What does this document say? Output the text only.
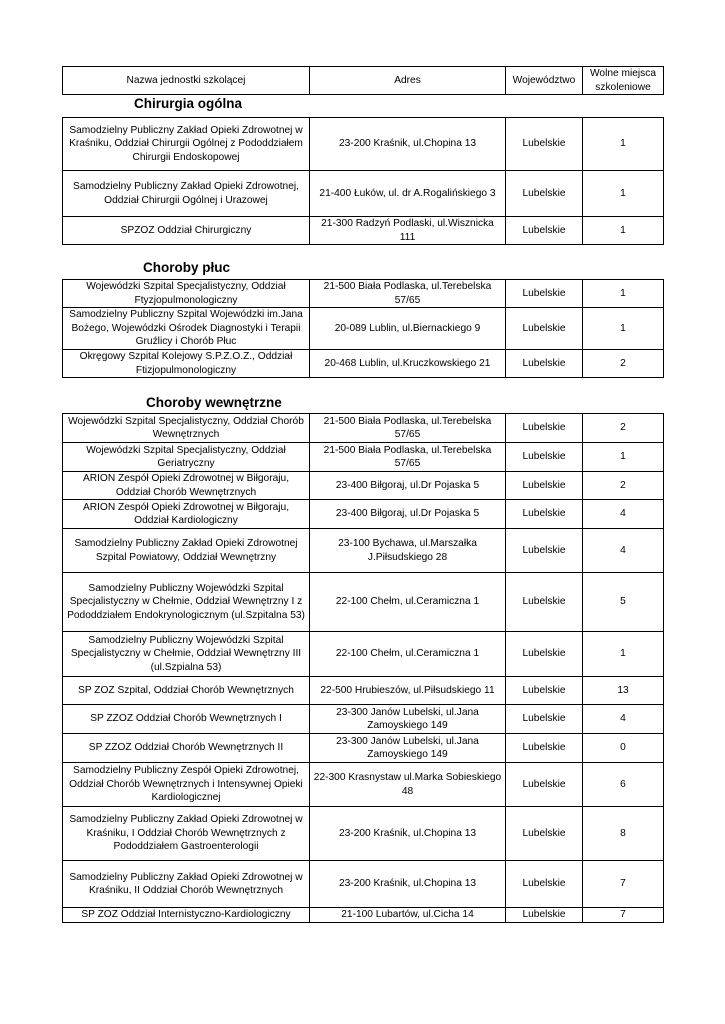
Nazwa jednostki szkolącej	Adres	Województwo	Wolne miejsca szkoleniowe
Chirurgia ogólna
Samodzielny Publiczny Zakład Opieki Zdrowotnej w Kraśniku, Oddział Chirurgii Ogólnej z Pododdziałem Chirurgii Endoskopowej	23-200 Kraśnik, ul.Chopina 13	Lubelskie	1
Samodzielny Publiczny Zakład Opieki Zdrowotnej, Oddział Chirurgii Ogólnej i Urazowej	21-400 Łuków, ul. dr A.Rogalińskiego 3	Lubelskie	1
SPZOZ Oddział Chirurgiczny	21-300 Radzyń Podlaski, ul.Wisznicka 111	Lubelskie	1
Choroby płuc
Wojewódzki Szpital Specjalistyczny, Oddział Ftyzjopulmonologiczny	21-500 Biała Podlaska, ul.Terebelska 57/65	Lubelskie	1
Samodzielny Publiczny Szpital Wojewódzki im.Jana Bożego, Wojewódzki Ośrodek Diagnostyki i Terapii Gruźlicy i Chorób Płuc	20-089 Lublin, ul.Biernackiego 9	Lubelskie	1
Okręgowy Szpital Kolejowy S.P.Z.O.Z., Oddział Ftizjopulmonologiczny	20-468 Lublin, ul.Kruczkowskiego 21	Lubelskie	2
Choroby wewnętrzne
Wojewódzki Szpital Specjalistyczny, Oddział Chorób Wewnętrznych	21-500 Biała Podlaska, ul.Terebelska 57/65	Lubelskie	2
Wojewódzki Szpital Specjalistyczny, Oddział Geriatryczny	21-500 Biała Podlaska, ul.Terebelska 57/65	Lubelskie	1
ARION Zespół Opieki Zdrowotnej w Biłgoraju, Oddział Chorób Wewnętrznych	23-400 Biłgoraj, ul.Dr Pojaska 5	Lubelskie	2
ARION Zespół Opieki Zdrowotnej w Biłgoraju, Oddział Kardiologiczny	23-400 Biłgoraj, ul.Dr Pojaska 5	Lubelskie	4
Samodzielny Publiczny Zakład Opieki Zdrowotnej Szpital Powiatowy, Oddział Wewnętrzny	23-100 Bychawa, ul.Marszałka J.Piłsudskiego 28	Lubelskie	4
Samodzielny Publiczny Wojewódzki Szpital Specjalistyczny w Chełmie, Oddział Wewnętrzny I z Pododdziałem Endokrynologicznym (ul.Szpitalna 53)	22-100 Chełm, ul.Ceramiczna 1	Lubelskie	5
Samodzielny Publiczny Wojewódzki Szpital Specjalistyczny w Chełmie, Oddział Wewnętrzny III (ul.Szpialna 53)	22-100 Chełm, ul.Ceramiczna 1	Lubelskie	1
SP ZOZ Szpital, Oddział Chorób Wewnętrznych	22-500 Hrubieszów, ul.Piłsudskiego 11	Lubelskie	13
SP ZZOZ Oddział Chorób Wewnętrznych I	23-300 Janów Lubelski, ul.Jana Zamoyskiego 149	Lubelskie	4
SP ZZOZ Oddział Chorób Wewnętrznych II	23-300 Janów Lubelski, ul.Jana Zamoyskiego 149	Lubelskie	0
Samodzielny Publiczny Zespół Opieki Zdrowotnej, Oddział Chorób Wewnętrznych i Intensywnej Opieki Kardiologicznej	22-300 Krasnystaw ul.Marka Sobieskiego 48	Lubelskie	6
Samodzielny Publiczny Zakład Opieki Zdrowotnej w Kraśniku, I Oddział Chorób Wewnętrznych z Pododdziałem Gastroenterologii	23-200 Kraśnik, ul.Chopina 13	Lubelskie	8
Samodzielny Publiczny Zakład Opieki Zdrowotnej w Kraśniku, II Oddział Chorób Wewnętrznych	23-200 Kraśnik, ul.Chopina 13	Lubelskie	7
SP ZOZ Oddział Internistyczno-Kardiologiczny	21-100 Lubartów, ul.Cicha 14	Lubelskie	7
